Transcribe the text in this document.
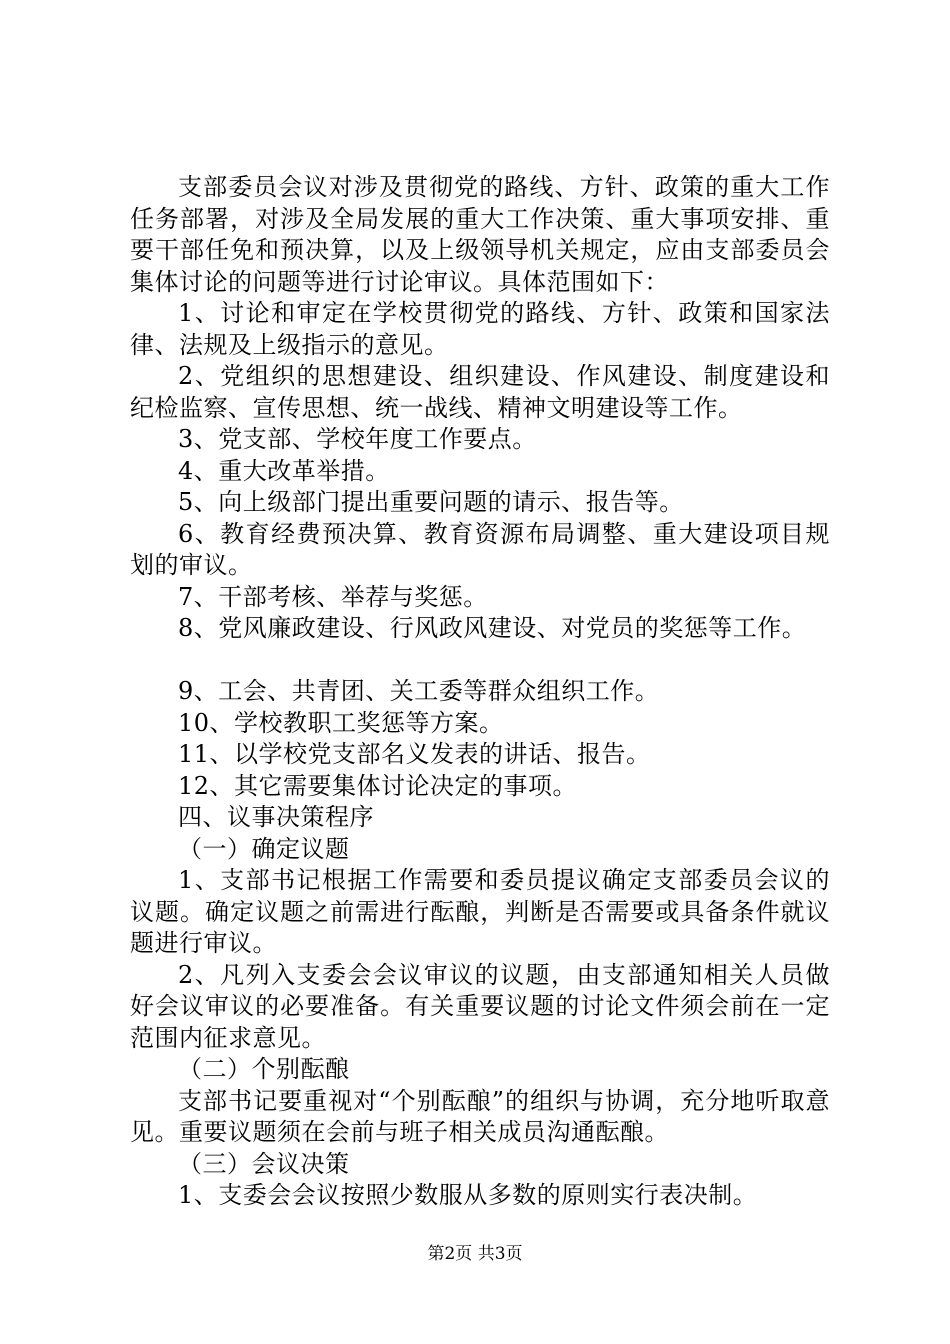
支部委员会议对涉及贯彻党的路线、方针、政策的重大工作任务部署，对涉及全局发展的重大工作决策、重大事项安排、重要干部任免和预决算，以及上级领导机关规定，应由支部委员会集体讨论的问题等进行讨论审议。具体范围如下：

1、讨论和审定在学校贯彻党的路线、方针、政策和国家法律、法规及上级指示的意见。

2、党组织的思想建设、组织建设、作风建设、制度建设和纪检监察、宣传思想、统一战线、精神文明建设等工作。

3、党支部、学校年度工作要点。

4、重大改革举措。

5、向上级部门提出重要问题的请示、报告等。

6、教育经费预决算、教育资源布局调整、重大建设项目规划的审议。

7、干部考核、举荐与奖惩。

8、党风廉政建设、行风政风建设、对党员的奖惩等工作。

9、工会、共青团、关工委等群众组织工作。

10、学校教职工奖惩等方案。

11、以学校党支部名义发表的讲话、报告。

12、其它需要集体讨论决定的事项。

四、议事决策程序

（一）确定议题

1、支部书记根据工作需要和委员提议确定支部委员会议的议题。确定议题之前需进行酝酿，判断是否需要或具备条件就议题进行审议。

2、凡列入支委会会议审议的议题，由支部通知相关人员做好会议审议的必要准备。有关重要议题的讨论文件须会前在一定范围内征求意见。

（二）个别酝酿

支部书记要重视对“个别酝酿”的组织与协调，充分地听取意见。重要议题须在会前与班子相关成员沟通酝酿。

（三）会议决策

1、支委会会议按照少数服从多数的原则实行表决制。

第2页 共3页
